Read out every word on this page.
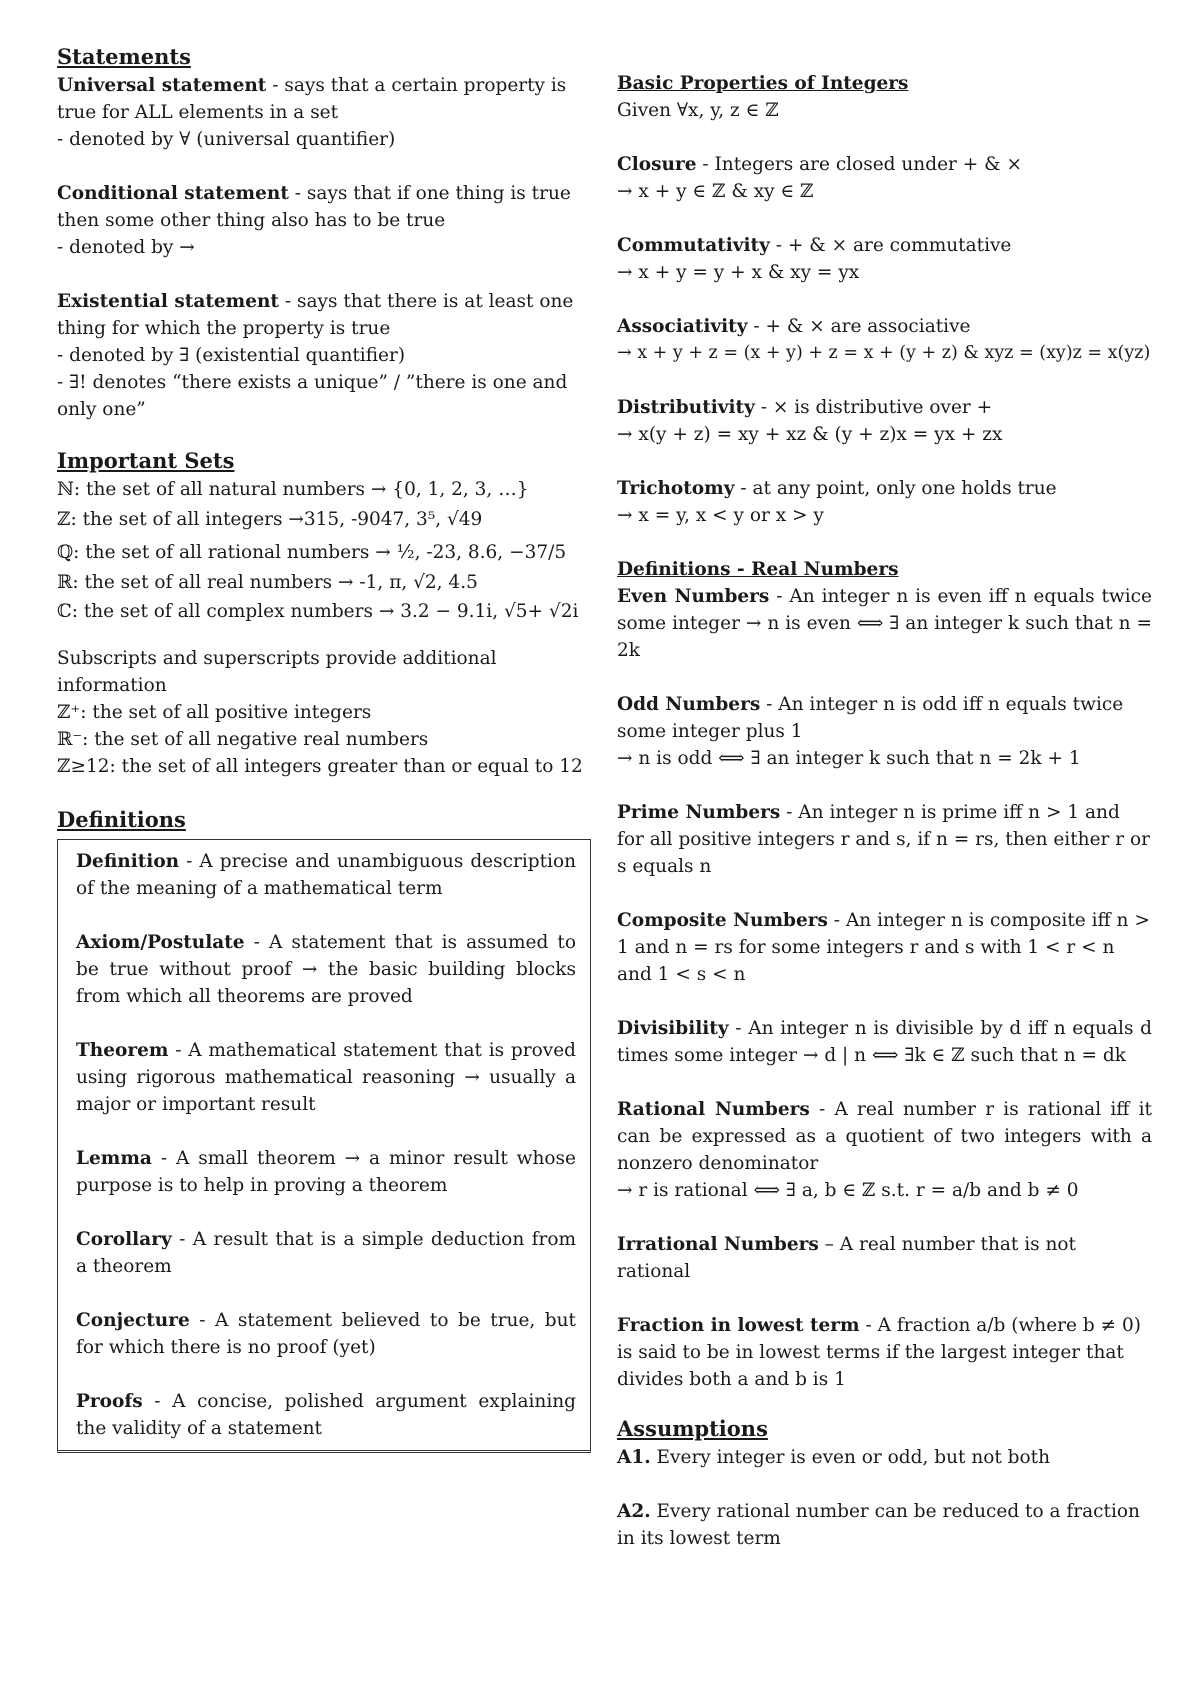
Statements
Universal statement - says that a certain property is true for ALL elements in a set
- denoted by ∀ (universal quantifier)
Conditional statement - says that if one thing is true then some other thing also has to be true
- denoted by →
Existential statement - says that there is at least one thing for which the property is true
- denoted by ∃ (existential quantifier)
- ∃! denotes “there exists a unique” / ”there is one and only one”
Important Sets
ℕ: the set of all natural numbers → {0, 1, 2, 3, …}
ℤ: the set of all integers →315, -9047, 3⁵, √49
ℚ: the set of all rational numbers → ½, -23, 8.6, −37/5
ℝ: the set of all real numbers → -1, π, √2, 4.5
ℂ: the set of all complex numbers → 3.2 − 9.1i, √5+ √2i
Subscripts and superscripts provide additional information
ℤ⁺: the set of all positive integers
ℝ⁻: the set of all negative real numbers
ℤ≥12: the set of all integers greater than or equal to 12
Definitions
Definition - A precise and unambiguous description of the meaning of a mathematical term
Axiom/Postulate - A statement that is assumed to be true without proof → the basic building blocks from which all theorems are proved
Theorem - A mathematical statement that is proved using rigorous mathematical reasoning → usually a major or important result
Lemma - A small theorem → a minor result whose purpose is to help in proving a theorem
Corollary - A result that is a simple deduction from a theorem
Conjecture - A statement believed to be true, but for which there is no proof (yet)
Proofs - A concise, polished argument explaining the validity of a statement
Basic Properties of Integers
Given ∀x, y, z ∈ ℤ
Closure - Integers are closed under + & ×
→ x + y ∈ ℤ & xy ∈ ℤ
Commutativity - + & × are commutative
→ x + y = y + x & xy = yx
Associativity - + & × are associative
→ x + y + z = (x + y) + z = x + (y + z) & xyz = (xy)z = x(yz)
Distributivity - × is distributive over +
→ x(y + z) = xy + xz & (y + z)x = yx + zx
Trichotomy - at any point, only one holds true
→ x = y, x < y or x > y
Definitions - Real Numbers
Even Numbers - An integer n is even iff n equals twice some integer → n is even ⟺ ∃ an integer k such that n = 2k
Odd Numbers - An integer n is odd iff n equals twice some integer plus 1
→ n is odd ⟺ ∃ an integer k such that n = 2k + 1
Prime Numbers - An integer n is prime iff n > 1 and for all positive integers r and s, if n = rs, then either r or s equals n
Composite Numbers - An integer n is composite iff n > 1 and n = rs for some integers r and s with 1 < r < n and 1 < s < n
Divisibility - An integer n is divisible by d iff n equals d times some integer → d | n ⟺ ∃k ∈ ℤ such that n = dk
Rational Numbers - A real number r is rational iff it can be expressed as a quotient of two integers with a nonzero denominator
→ r is rational ⟺ ∃ a, b ∈ ℤ s.t. r = a/b and b ≠ 0
Irrational Numbers – A real number that is not rational
Fraction in lowest term - A fraction a/b (where b ≠ 0) is said to be in lowest terms if the largest integer that divides both a and b is 1
Assumptions
A1. Every integer is even or odd, but not both
A2. Every rational number can be reduced to a fraction in its lowest term
